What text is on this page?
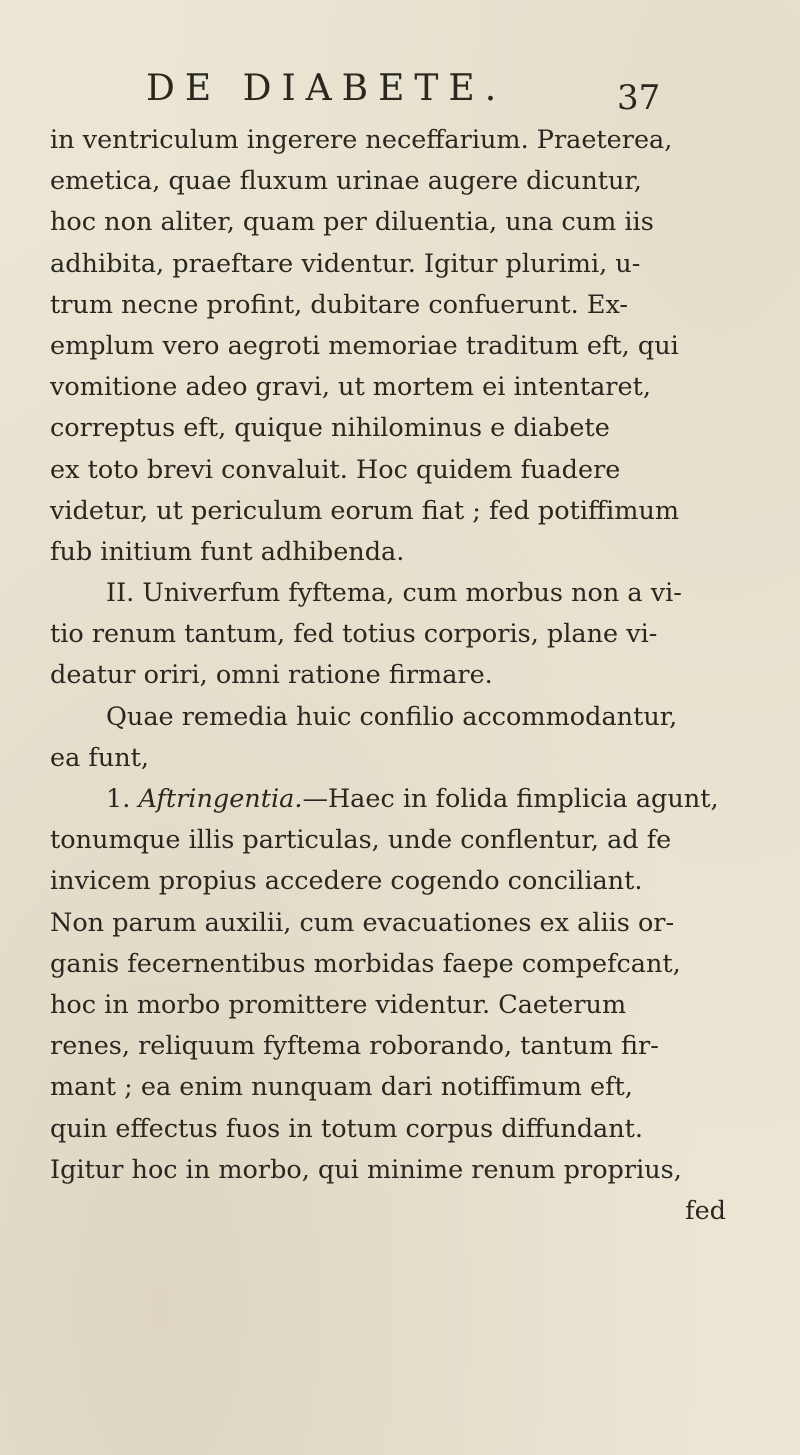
DE DIABETE.	37
in ventriculum ingerere neceffarium. Praeterea,
emetica, quae fluxum urinae augere dicuntur,
hoc non aliter, quam per diluentia, una cum iis
adhibita, praeftare videntur. Igitur plurimi, u-
trum necne profint, dubitare confuerunt. Ex-
emplum vero aegroti memoriae traditum eft, qui
vomitione adeo gravi, ut mortem ei intentaret,
correptus eft, quique nihilominus e diabete
ex toto brevi convaluit. Hoc quidem fuadere
videtur, ut periculum eorum fiat ; fed potiffimum
fub initium funt adhibenda.
II. Univerfum fyftema, cum morbus non a vi-
tio renum tantum, fed totius corporis, plane vi-
deatur oriri, omni ratione firmare.
Quae remedia huic confilio accommodantur,
ea funt,
1. Aftringentia.—Haec in folida fimplicia agunt,
tonumque illis particulas, unde conflentur, ad fe
invicem propius accedere cogendo conciliant.
Non parum auxilii, cum evacuationes ex aliis or-
ganis fecernentibus morbidas faepe compefcant,
hoc in morbo promittere videntur. Caeterum
renes, reliquum fyftema roborando, tantum fir-
mant ; ea enim nunquam dari notiffimum eft,
quin effectus fuos in totum corpus diffundant.
Igitur hoc in morbo, qui minime renum proprius,
fed
